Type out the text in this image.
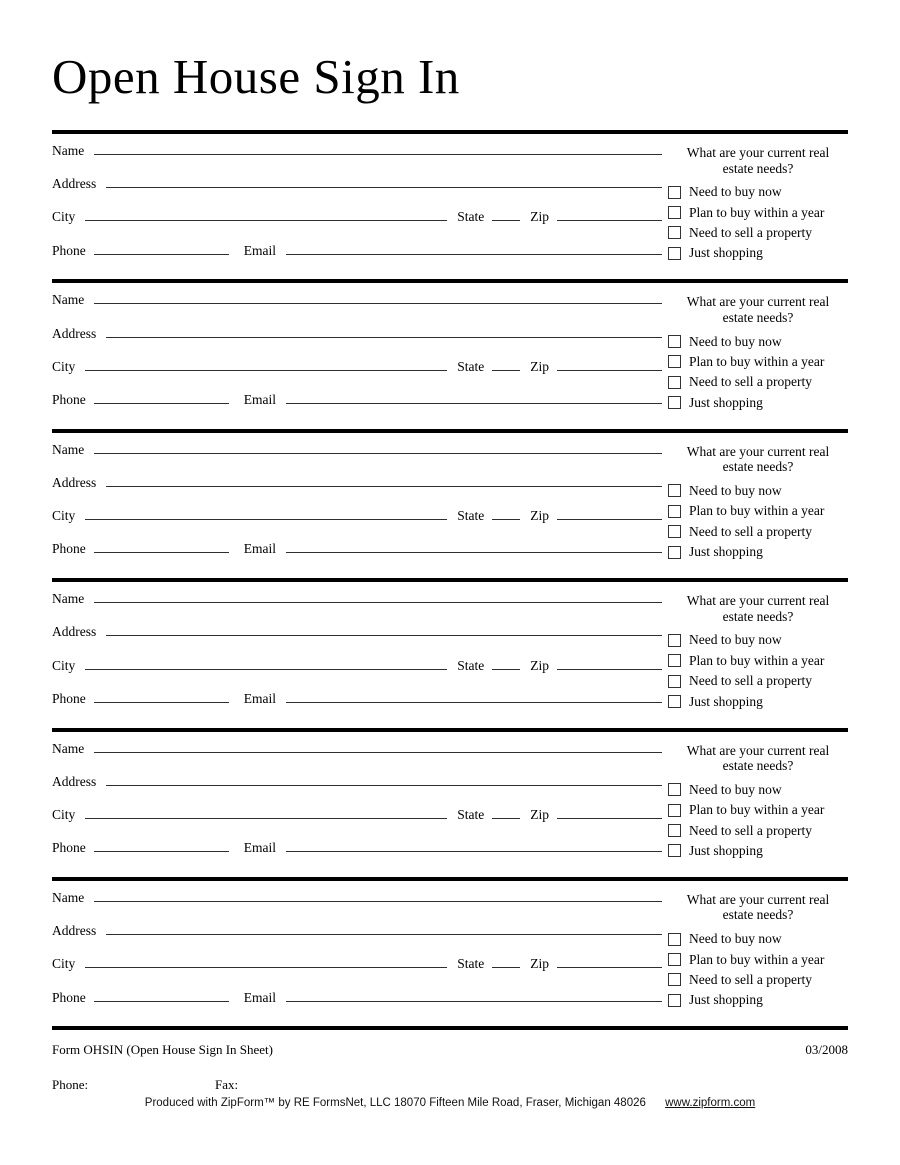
Open House Sign In
Name
Address
City	State	Zip
Phone	Email
What are your current real estate needs?
Need to buy now
Plan to buy within a year
Need to sell a property
Just shopping
Name
Address
City	State	Zip
Phone	Email
What are your current real estate needs?
Need to buy now
Plan to buy within a year
Need to sell a property
Just shopping
Name
Address
City	State	Zip
Phone	Email
What are your current real estate needs?
Need to buy now
Plan to buy within a year
Need to sell a property
Just shopping
Name
Address
City	State	Zip
Phone	Email
What are your current real estate needs?
Need to buy now
Plan to buy within a year
Need to sell a property
Just shopping
Name
Address
City	State	Zip
Phone	Email
What are your current real estate needs?
Need to buy now
Plan to buy within a year
Need to sell a property
Just shopping
Name
Address
City	State	Zip
Phone	Email
What are your current real estate needs?
Need to buy now
Plan to buy within a year
Need to sell a property
Just shopping
Form OHSIN (Open House Sign In Sheet)	03/2008
Phone:	Fax:
Produced with ZipForm™ by RE FormsNet, LLC 18070 Fifteen Mile Road, Fraser, Michigan 48026 www.zipform.com
